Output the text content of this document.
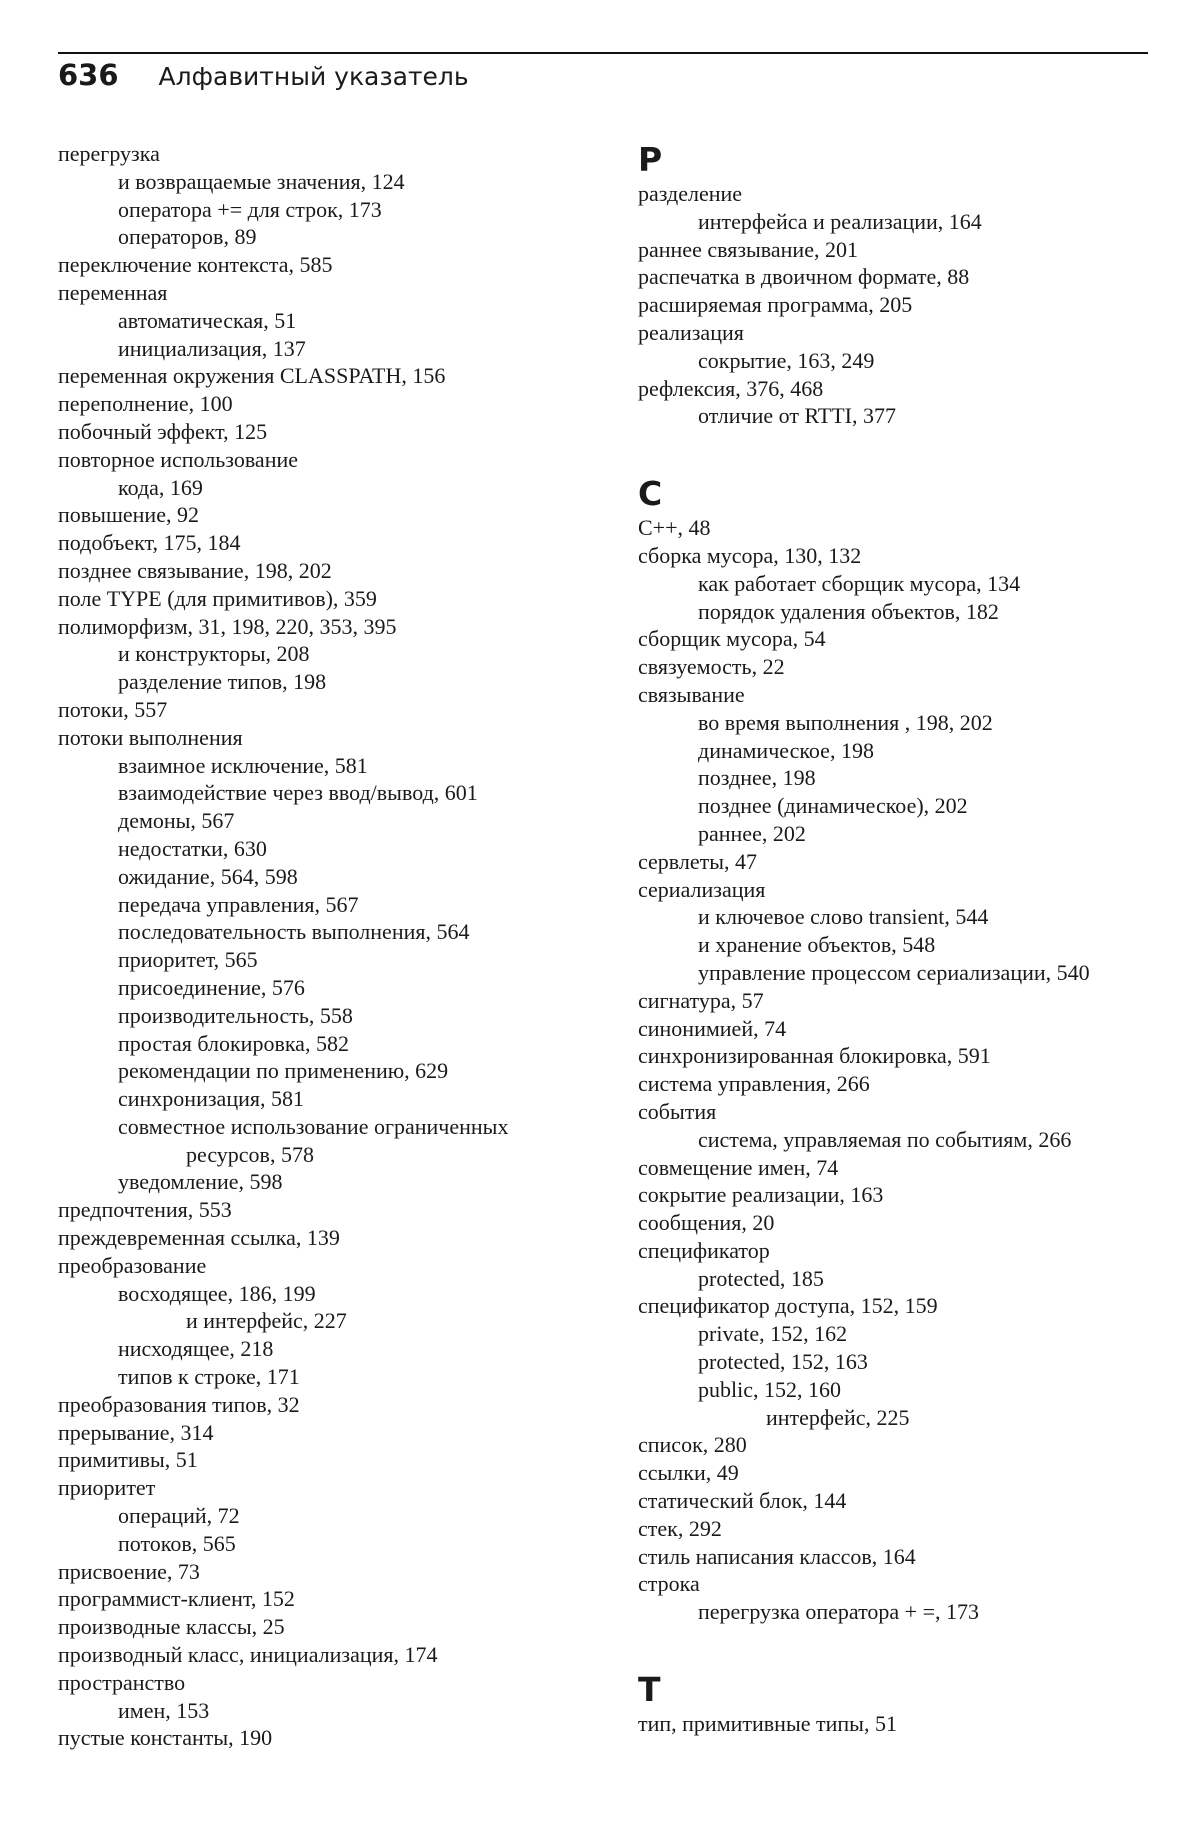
636 Алфавитный указатель
перегрузка
и возвращаемые значения, 124
оператора += для строк, 173
операторов, 89
переключение контекста, 585
переменная
автоматическая, 51
инициализация, 137
переменная окружения CLASSPATH, 156
переполнение, 100
побочный эффект, 125
повторное использование
кода, 169
повышение, 92
подобъект, 175, 184
позднее связывание, 198, 202
поле TYPE (для примитивов), 359
полиморфизм, 31, 198, 220, 353, 395
и конструкторы, 208
разделение типов, 198
потоки, 557
потоки выполнения
взаимное исключение, 581
взаимодействие через ввод/вывод, 601
демоны, 567
недостатки, 630
ожидание, 564, 598
передача управления, 567
последовательность выполнения, 564
приоритет, 565
присоединение, 576
производительность, 558
простая блокировка, 582
рекомендации по применению, 629
синхронизация, 581
совместное использование ограниченных
ресурсов, 578
уведомление, 598
предпочтения, 553
преждевременная ссылка, 139
преобразование
восходящее, 186, 199
и интерфейс, 227
нисходящее, 218
типов к строке, 171
преобразования типов, 32
прерывание, 314
примитивы, 51
приоритет
операций, 72
потоков, 565
присвоение, 73
программист-клиент, 152
производные классы, 25
производный класс, инициализация, 174
пространство
имен, 153
пустые константы, 190
Р
разделение
интерфейса и реализации, 164
раннее связывание, 201
распечатка в двоичном формате, 88
расширяемая программа, 205
реализация
сокрытие, 163, 249
рефлексия, 376, 468
отличие от RTTI, 377
С
C++, 48
сборка мусора, 130, 132
как работает сборщик мусора, 134
порядок удаления объектов, 182
сборщик мусора, 54
связуемость, 22
связывание
во время выполнения , 198, 202
динамическое, 198
позднее, 198
позднее (динамическое), 202
раннее, 202
сервлеты, 47
сериализация
и ключевое слово transient, 544
и хранение объектов, 548
управление процессом сериализации, 540
сигнатура, 57
синонимией, 74
синхронизированная блокировка, 591
система управления, 266
события
система, управляемая по событиям, 266
совмещение имен, 74
сокрытие реализации, 163
сообщения, 20
спецификатор
protected, 185
спецификатор доступа, 152, 159
private, 152, 162
protected, 152, 163
public, 152, 160
интерфейс, 225
список, 280
ссылки, 49
статический блок, 144
стек, 292
стиль написания классов, 164
строка
перегрузка оператора + =, 173
Т
тип, примитивные типы, 51
